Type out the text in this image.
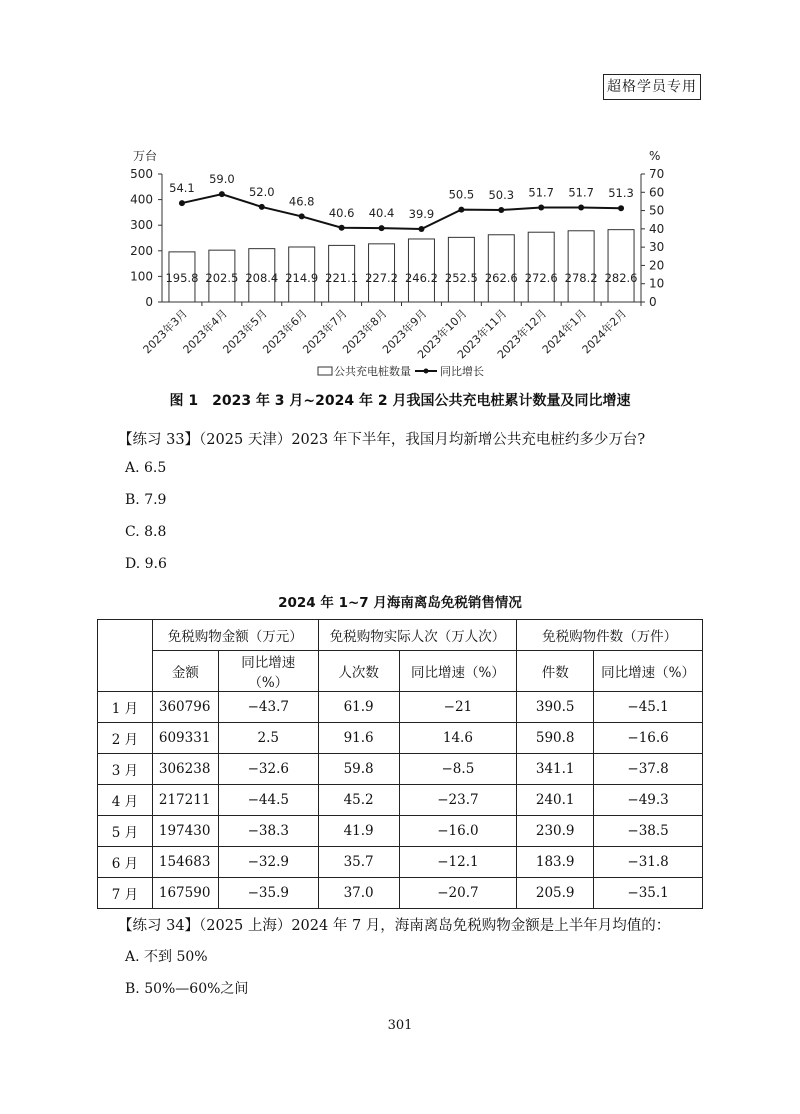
超格学员专用
0
100
200
300
400
500
0
10
20
30
40
50
60
70
万台	%
195.8
2023年3月
202.5
2023年4月
208.4
2023年5月
214.9
2023年6月
221.1
2023年7月
227.2
2023年8月
246.2
2023年9月
252.5
2023年10月
262.6
2023年11月
272.6
2023年12月
278.2
2024年1月
282.6
2024年2月
54.1
59.0
52.0
46.8
40.6 40.4 39.9
50.5 50.3 51.7 51.7 51.3
公共充电桩数量	同比增长
图 1　2023 年 3 月~2024 年 2 月我国公共充电桩累计数量及同比增速
【练习 33】（2025 天津）2023 年下半年，我国月均新增公共充电桩约多少万台?
A. 6.5
B. 7.9
C. 8.8
D. 9.6
2024 年 1~7 月海南离岛免税销售情况
	免税购物金额（万元）		免税购物实际人次（万人次）		免税购物件数（万件）	
	金额	同比增速（%）	人次数	同比增速（%）	件数	同比增速（%）
1 月	360796	−43.7	61.9	−21	390.5	−45.1
2 月	609331	2.5	91.6	14.6	590.8	−16.6
3 月	306238	−32.6	59.8	−8.5	341.1	−37.8
4 月	217211	−44.5	45.2	−23.7	240.1	−49.3
5 月	197430	−38.3	41.9	−16.0	230.9	−38.5
6 月	154683	−32.9	35.7	−12.1	183.9	−31.8
7 月	167590	−35.9	37.0	−20.7	205.9	−35.1
【练习 34】（2025 上海）2024 年 7 月，海南离岛免税购物金额是上半年月均值的：
A. 不到 50%
B. 50%—60%之间
301
